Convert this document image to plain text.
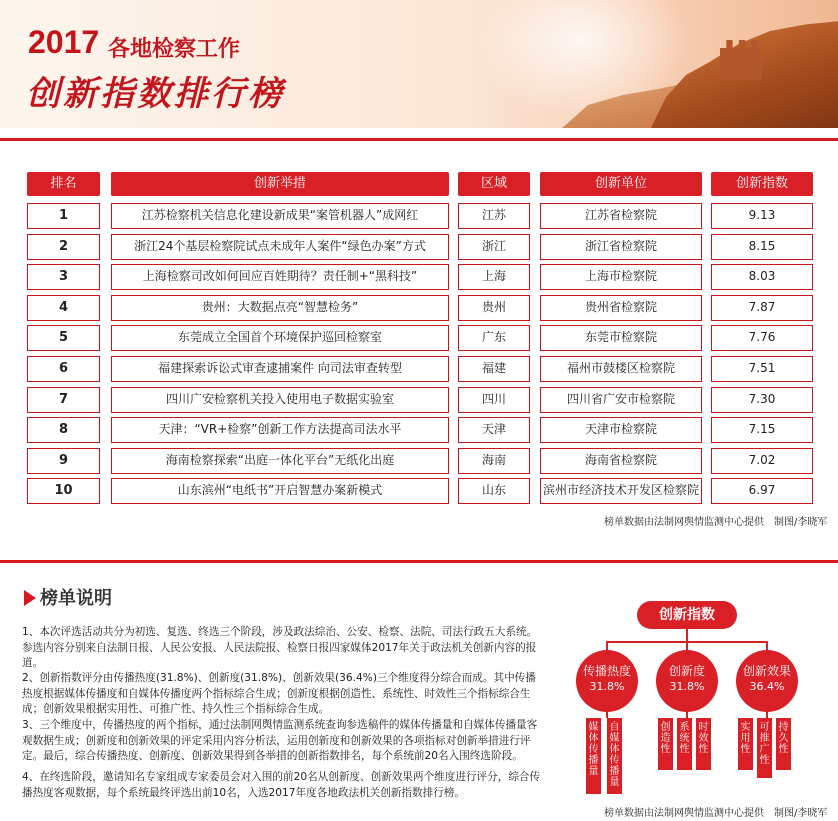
2017 各地检察工作
创新指数排行榜
排名	创新举措	区域	创新单位	创新指数
1	江苏检察机关信息化建设新成果“案管机器人”成网红	江苏	江苏省检察院	9.13
2	浙江24个基层检察院试点未成年人案件“绿色办案”方式	浙江	浙江省检察院	8.15
3	上海检察司改如何回应百姓期待？责任制+“黑科技”	上海	上海市检察院	8.03
4	贵州：大数据点亮“智慧检务”	贵州	贵州省检察院	7.87
5	东莞成立全国首个环境保护巡回检察室	广东	东莞市检察院	7.76
6	福建探索诉讼式审查逮捕案件 向司法审查转型	福建	福州市鼓楼区检察院	7.51
7	四川广安检察机关投入使用电子数据实验室	四川	四川省广安市检察院	7.30
8	天津：“VR+检察”创新工作方法提高司法水平	天津	天津市检察院	7.15
9	海南检察探索“出庭一体化平台”无纸化出庭	海南	海南省检察院	7.02
10	山东滨州“电纸书”开启智慧办案新模式	山东	滨州市经济技术开发区检察院	6.97
榜单数据由法制网舆情监测中心提供　制图/李晓军
榜单说明
1、本次评选活动共分为初选、复选、终选三个阶段，涉及政法综治、公安、检察、法院、司法行政五大系统。参选内容分别来自法制日报、人民公安报、人民法院报、检察日报四家媒体2017年关于政法机关创新内容的报道。
2、创新指数评分由传播热度(31.8%)、创新度(31.8%)、创新效果(36.4%)三个维度得分综合而成。其中传播热度根据媒体传播度和自媒体传播度两个指标综合生成；创新度根据创造性、系统性、时效性三个指标综合生成；创新效果根据实用性、可推广性、持久性三个指标综合生成。
3、三个维度中，传播热度的两个指标，通过法制网舆情监测系统查询参选稿件的媒体传播量和自媒体传播量客观数据生成；创新度和创新效果的评定采用内容分析法，运用创新度和创新效果的各项指标对创新举措进行评定。最后，综合传播热度、创新度、创新效果得到各举措的创新指数排名，每个系统前20名入围终选阶段。
4、在终选阶段，邀请知名专家组成专家委员会对入围的前20名从创新度、创新效果两个维度进行评分，综合传播热度客观数据，每个系统最终评选出前10名，入选2017年度各地政法机关创新指数排行榜。
创新指数
传播热度
31.8%
创新度
31.8%
创新效果
36.4%
媒体传播量
自媒体传播量
创造性
系统性
时效性
实用性
可推广性
持久性
榜单数据由法制网舆情监测中心提供　制图/李晓军
